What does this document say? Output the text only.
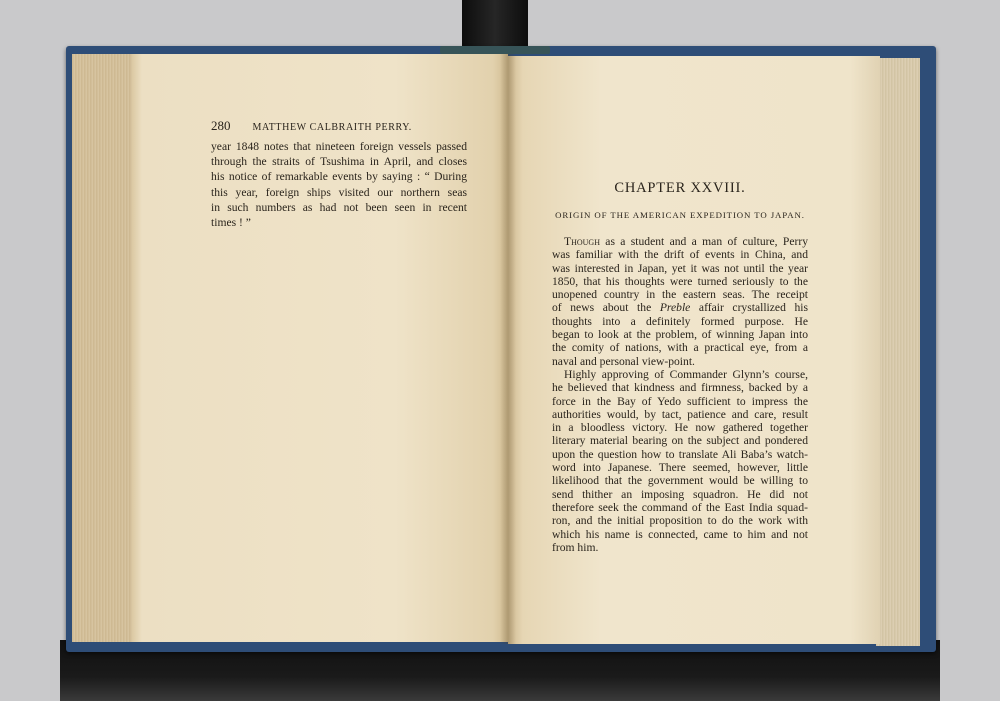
280 MATTHEW CALBRAITH PERRY.
year 1848 notes that nineteen foreign vessels passed
through the straits of Tsushima in April, and closes
his notice of remarkable events by saying : “ During
this year, foreign ships visited our northern seas
in such numbers as had not been seen in recent
times ! ”
CHAPTER XXVIII.
ORIGIN OF THE AMERICAN EXPEDITION TO JAPAN.
Though as a student and a man of culture, Perry
was familiar with the drift of events in China, and
was interested in Japan, yet it was not until the year
1850, that his thoughts were turned seriously to the
unopened country in the eastern seas. The receipt
of news about the Preble affair crystallized his
thoughts into a definitely formed purpose. He
began to look at the problem, of winning Japan into
the comity of nations, with a practical eye, from a
naval and personal view-point.
Highly approving of Commander Glynn’s course,
he believed that kindness and firmness, backed by a
force in the Bay of Yedo sufficient to impress the
authorities would, by tact, patience and care, result
in a bloodless victory. He now gathered together
literary material bearing on the subject and pondered
upon the question how to translate Ali Baba’s watch-
word into Japanese. There seemed, however, little
likelihood that the government would be willing to
send thither an imposing squadron. He did not
therefore seek the command of the East India squad-
ron, and the initial proposition to do the work with
which his name is connected, came to him and not
from him.
